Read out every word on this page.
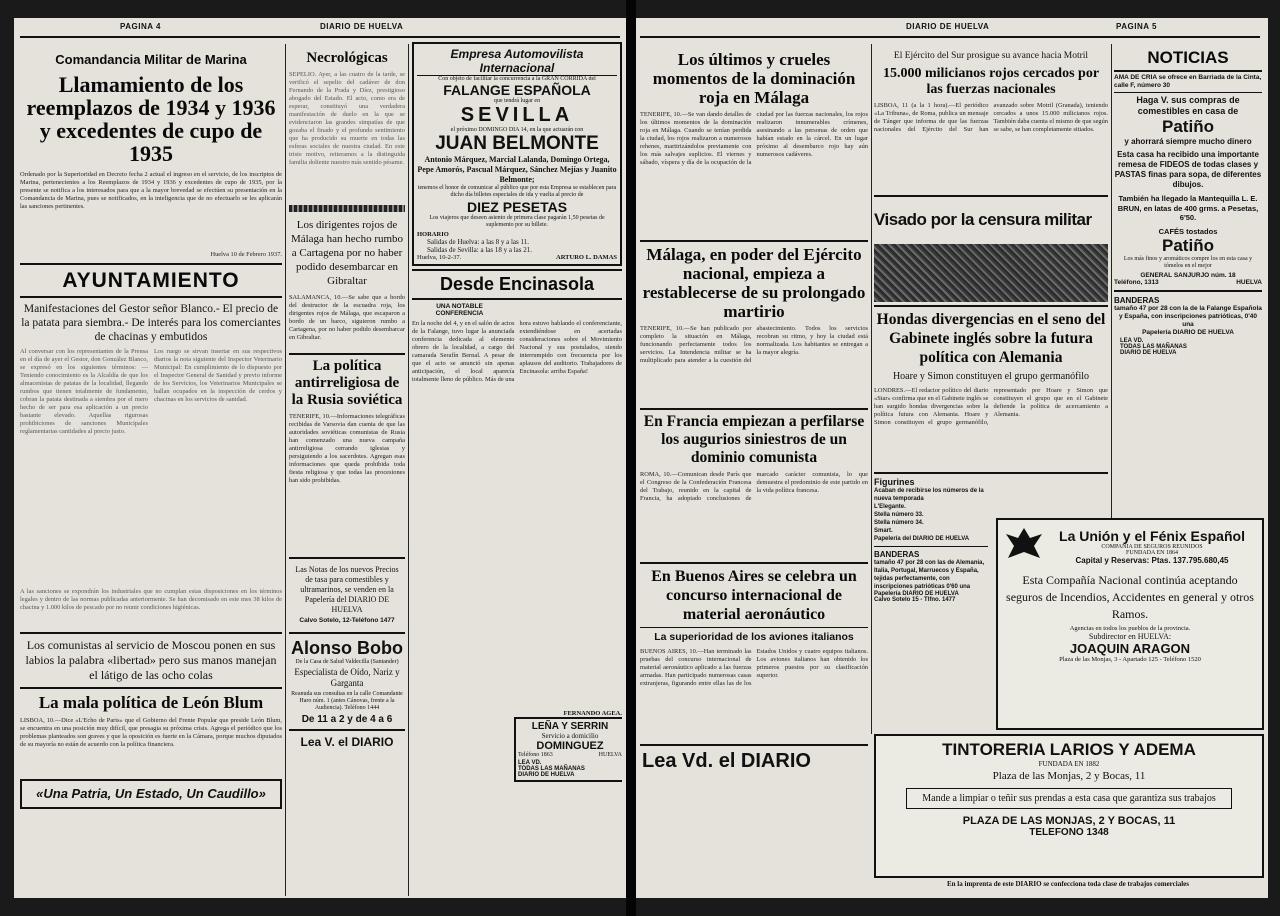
PAGINA 4	DIARIO DE HUELVA
Comandancia Militar de Marina
Llamamiento de los reemplazos de 1934 y 1936 y excedentes de cupo de 1935

Ordenado por la Superioridad en Decreto fecha 2 actual el ingreso en el servicio, de los inscriptos de Marina, pertenecientes a los Reemplazos de 1934 y 1936 y excedentes de cupo de 1935, por la presente se notifica a los interesados para que a la mayor brevedad se efectúen su presentación en la Comandancia de Marina, pues se notificados, en la inteligencia que de no efectuarlo se les aplicarán las sanciones pertinentes.

Huelva 10 de Febrero 1937.

AYUNTAMIENTO

Manifestaciones del Gestor señor Blanco.- El precio de la patata para siembra.- De interés para los comerciantes de chacinas y embutidos

Al conversar con los representantes de la Prensa en el día de ayer el Gestor, don González Blanco, se expresó en los siguientes términos: —Teniendo conocimiento es la Alcaldía de que los almacenistas de patatas de la localidad, llegando rumbos que tienen totalmente de fundamento, cobran la patata destinada a siembra por el mero hecho de ser para esa aplicación a un precio bastante elevado. Aquellas rigurosas prohibiciones de sanciones Municipales reglamentarias cantidades al precio justo.

Los ruego se sirvan insertar en sus respectivos diarios la nota siguiente del Inspector Veterinario Municipal: En cumplimiento de lo dispuesto por el Inspector General de Sanidad y previo informe de los Servicios, los Veterinarios Municipales se hallan ocupados en la inspección de cerdos y chacinas en los servicios de sanidad.

A las sanciones se expondrán los industriales que no cumplan estas disposiciones en los términos legales y dentro de las normas publicadas anteriormente. Se han decomisado en este mes 38 kilos de chacina y 1.000 kilos de pescado por no reunir condiciones higiénicas.

Los comunistas al servicio de Moscou ponen en sus labios la palabra «libertad» pero sus manos manejan el látigo de las ocho colas

La mala política de León Blum

LISBOA, 10.—Dice «L'Echo de Paris» que el Gobierno del Frente Popular que preside León Blum, se encuentra en una posición muy difícil, que presagia su próxima crisis. Agrega el periódico que los problemas planteados son graves y que la oposición es fuerte en la Cámara, porque muchos diputados de su mayoría no están de acuerdo con la política financiera.

«Una Patria, Un Estado, Un Caudillo»
Necrológicas

SEPELIO. Ayer, a las cuatro de la tarde, se verificó el sepelio del cadáver de don Fernando de la Prada y Díez, prestigioso abogado del Estado. El acto, como era de esperar, constituyó una verdadera manifestación de duelo en la que se evidenciaron las grandes simpatías de que gozaba el finado y el profundo sentimiento que ha producido su muerte en todas las esferas sociales de nuestra ciudad. En este triste motivo, reiteramos a la distinguida familia doliente nuestro más sentido pésame.

Los dirigentes rojos de Málaga han hecho rumbo a Cartagena por no haber podido desembarcar en Gibraltar

SALAMANCA, 10.—Se sabe que a bordo del destructor de la escuadra roja, los dirigentes rojos de Málaga, que escaparon a bordo de un barco, siguieron rumbo a Cartagena, por no haber podido desembarcar en Gibraltar.

La política antirreligiosa de la Rusia soviética

TENERIFE, 10.—Informaciones telegráficas recibidas de Varsovia dan cuenta de que las autoridades soviéticas comunistas de Rusia han comenzado una nueva campaña antirreligiosa cerrando iglesias y persiguiendo a los sacerdotes. Agregan esas informaciones que queda prohibida toda fiesta religiosa y que todas las procesiones han sido prohibidas.

Las Notas de los nuevos Precios de tasa para comestibles y ultramarinos, se venden en la Papelería del DIARIO DE HUELVA

Calvo Sotelo, 12-Teléfono 1477

Alonso Bobo
De la Casa de Salud Valdecilla (Santander)
Especialista de Oído, Nariz y Garganta
Reanuda sus consultas en la calle Comandante Haro núm. 1 (antes Cánovas, frente a la Audiencia). Teléfono 1444
De 11 a 2 y de 4 a 6
Lea V. el DIARIO
Empresa Automovilista Internacional
Con objeto de facilitar la concurrencia a la GRAN CORRIDA del
FALANGE ESPAÑOLA
que tendrá lugar en
SEVILLA
el próximo DOMINGO DIA 14, en la que actuarán con
JUAN BELMONTE
Antonio Márquez, Marcial Lalanda, Domingo Ortega, Pepe Amorós, Pascual Márquez, Sánchez Mejías y Juanito Belmonte;
tenemos el honor de comunicar al público que por esta Empresa se establecen para dicho día billetes especiales de ida y vuelta al precio de
DIEZ PESETAS
Los viajeros que deseen asiento de primera clase pagarán 1,50 pesetas de suplemento por su billete.
HORARIO
Salidas de Huelva: a las 8 y a las 11.
Salidas de Sevilla: a las 18 y a las 21.
Huelva, 10-2-37.	ARTURO L. DAMAS
Desde Encinasola
UNA NOTABLE CONFERENCIA

En la noche del 4, y en el salón de actos de la Falange, tuvo lugar la anunciada conferencia dedicada al elemento obrero de la localidad, a cargo del camarada Serafín Bernal. A pesar de que el acto se anunció sin apenas anticipación, el local aparecía totalmente lleno de público. Más de una hora estuvo hablando el conferenciante, extendiéndose en acertadas consideraciones sobre el Movimiento Nacional y sus postulados, siendo interrumpido con frecuencia por los aplausos del auditorio. Trabajadores de Encinasola: arriba España!

FERNANDO AGEA.
LEÑA Y SERRIN
Servicio a domicilio
DOMINGUEZ
Teléfono 1863	HUELVA
LEA VD.
TODAS LAS MAÑANAS
DIARIO DE HUELVA
DIARIO DE HUELVA	PAGINA 5
Los últimos y crueles momentos de la dominación roja en Málaga

TENERIFE, 10.—Se van dando detalles de los últimos momentos de la dominación roja en Málaga. Cuando se tenían perdida la ciudad, los rojos realizaron a numerosos rehenes, martirizándolos previamente con los más salvajes suplicios. El viernes y sábado, víspera y día de la ocupación de la ciudad por las fuerzas nacionales, los rojos realizaron innumerables crímenes, asesinando a las personas de orden que habían estado en la cárcel. En un lugar próximo al desembarco rojo hay aún numerosos cadáveres.

Málaga, en poder del Ejército nacional, empieza a restablecerse de su prolongado martirio

TENERIFE, 10.—Se han publicado por completo la situación en Málaga, funcionando perfectamente todos los servicios. La Intendencia militar se ha multiplicado para atender a la cuestión del abastecimiento. Todos los servicios recobran su ritmo, y hoy la ciudad está normalizada. Los habitantes se entregan a la mayor alegría.

En Francia empiezan a perfilarse los augurios siniestros de un dominio comunista

ROMA, 10.—Comunican desde París que el Congreso de la Confederación Francesa del Trabajo, reunido en la capital de Francia, ha adoptado conclusiones de marcado carácter comunista, lo que demuestra el predominio de este partido en la vida política francesa.

En Buenos Aires se celebra un concurso internacional de material aeronáutico
La superioridad de los aviones italianos

BUENOS AIRES, 10.—Han terminado las pruebas del concurso internacional de material aeronáutico aplicado a las fuerzas armadas. Han participado numerosas casas extranjeras, figurando entre ellas las de los Estados Unidos y cuatro equipos italianos. Los aviones italianos han obtenido los primeros puestos por su clasificación superior.

Lea Vd. el DIARIO
El Ejército del Sur prosigue su avance hacia Motril
15.000 milicianos rojos cercados por las fuerzas nacionales

LISBOA, 11 (a la 1 hora).—El periódico «La Tribuna», de Roma, publica un mensaje de Tánger que informa de que las fuerzas nacionales del Ejército del Sur han avanzado sobre Motril (Granada), teniendo cercados a unos 15.000 milicianos rojos. También daba cuenta el mismo de que según se sabe, se han completamente sitiados.

Visado por la censura militar
Hondas divergencias en el seno del Gabinete inglés sobre la futura política con Alemania
Hoare y Simon constituyen el grupo germanófilo

LONDRES.—El redactor político del diario «Star» confirma que en el Gabinete inglés se han surgido hondas divergencias sobre la política futura con Alemania. Hoare y Simon constituyen el grupo germanófilo, representado por Hoare y Simon que constituyen el grupo que en el Gabinete defiende la política de acercamiento a Alemania.

Figurines
Acaban de recibirse los números de la nueva temporada
L'Elegante.
Stella número 33.
Stella número 34.
Smart.
Papelería del DIARIO DE HUELVA
BANDERAS
tamaño 47 por 28 con las de Alemania, Italia, Portugal, Marruecos y España, tejidas perfectamente, con inscripciones patrióticas 0'60 una
Papelería DIARIO DE HUELVA
Calvo Sotelo 15 - Tlfno. 1477
NOTICIAS
AMA DE CRIA se ofrece en Barriada de la Cinta, calle F, número 30
Haga V. sus compras de comestibles en casa de
Patiño
y ahorrará siempre mucho dinero
Esta casa ha recibido una importante remesa de FIDEOS de todas clases y PASTAS finas para sopa, de diferentes dibujos.
También ha llegado la Mantequilla L. E. BRUN, en latas de 400 grms. a Pesetas, 6'50.
CAFÉS tostados
Patiño
Los más finos y aromáticos compre los en esta casa y tómelos en el mejor
GENERAL SANJURJO núm. 18
Teléfono, 1313	HUELVA
BANDERAS
tamaño 47 por 28 con la de la Falange Española y España, con inscripciones patrióticas, 0'40 una
Papelería DIARIO DE HUELVA
LEA VD.
TODAS LAS MAÑANAS
DIARIO DE HUELVA
La Unión y el Fénix Español
COMPAÑIA DE SEGUROS REUNIDOS
FUNDADA EN 1864
Capital y Reservas: Ptas. 137.795.680,45
Esta Compañía Nacional continúa aceptando seguros de Incendios, Accidentes en general y otros Ramos.
Agencias en todos los pueblos de la provincia.
Subdirector en HUELVA:
JOAQUIN ARAGON
Plaza de las Monjas, 3 - Apartado 125 - Teléfono 1520
TINTORERIA LARIOS Y ADEMA
FUNDADA EN 1882
Plaza de las Monjas, 2 y Bocas, 11
Mande a limpiar o teñir sus prendas a esta casa que garantiza sus trabajos
PLAZA DE LAS MONJAS, 2 Y BOCAS, 11
TELEFONO 1348
En la imprenta de este DIARIO se confecciona toda clase de trabajos comerciales
